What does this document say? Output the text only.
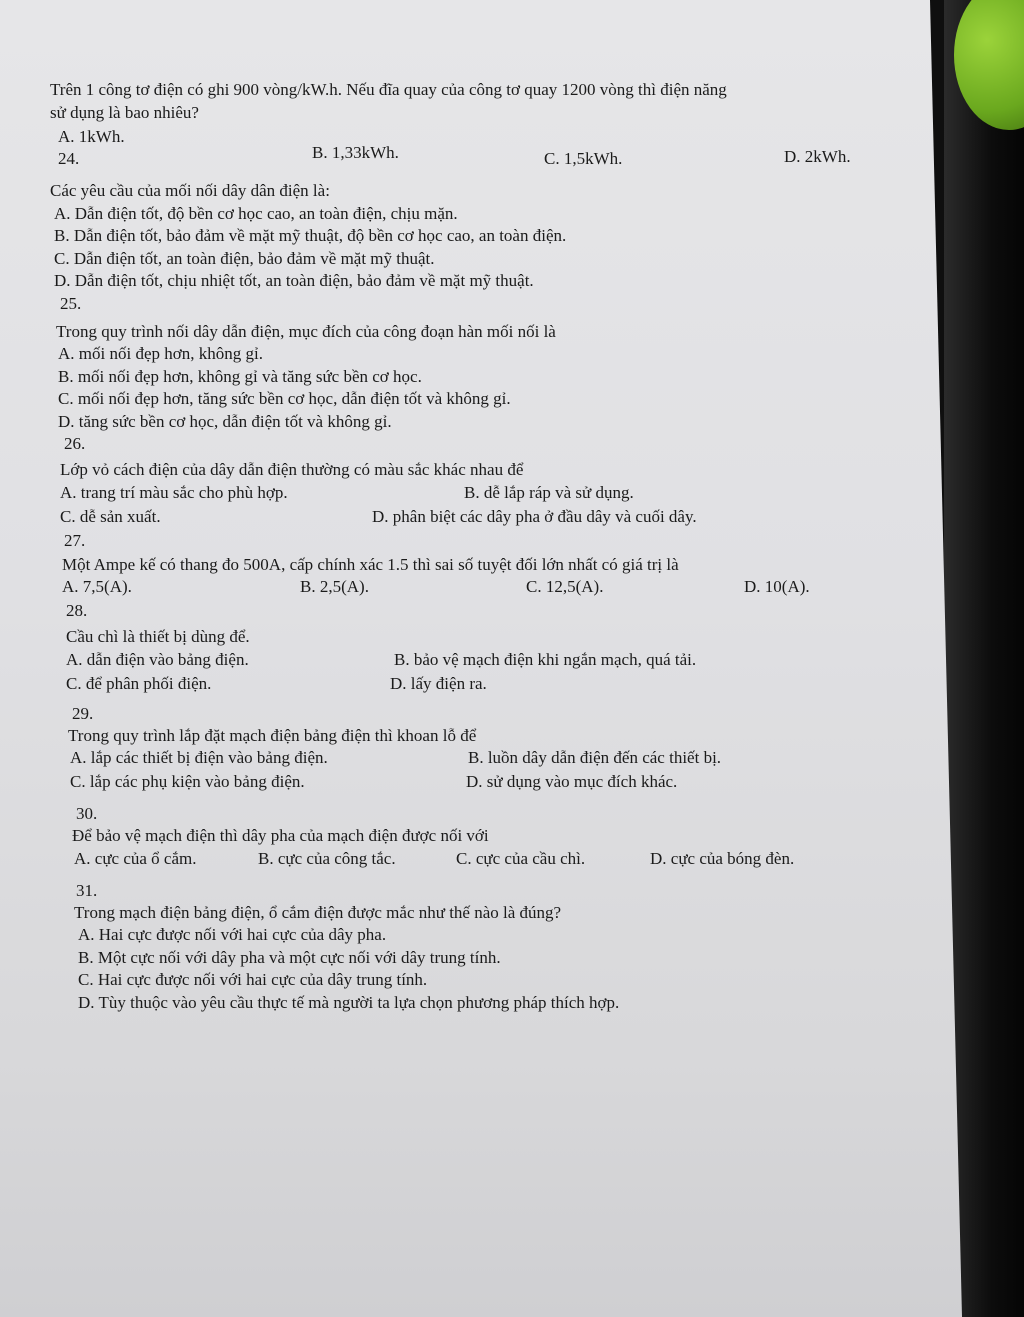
Trên 1 công tơ điện có ghi 900 vòng/kW.h. Nếu đĩa quay của công tơ quay 1200 vòng thì điện năng
sử dụng là bao nhiêu?
A. 1kWh.
B. 1,33kWh.	C. 1,5kWh.	D. 2kWh.
24.
Các yêu cầu của mối nối dây dân điện là:
A. Dẫn điện tốt, độ bền cơ học cao, an toàn điện, chịu mặn.
B. Dẫn điện tốt, bảo đảm về mặt mỹ thuật, độ bền cơ học cao, an toàn điện.
C. Dẫn điện tốt, an toàn điện, bảo đảm về mặt mỹ thuật.
D. Dẫn điện tốt, chịu nhiệt tốt, an toàn điện, bảo đảm về mặt mỹ thuật.
25.
Trong quy trình nối dây dẫn điện, mục đích của công đoạn hàn mối nối là
A. mối nối đẹp hơn, không gỉ.
B. mối nối đẹp hơn, không gỉ và tăng sức bền cơ học.
C. mối nối đẹp hơn, tăng sức bền cơ học, dẫn điện tốt và không gỉ.
D. tăng sức bền cơ học, dẫn điện tốt và không gỉ.
26.
Lớp vỏ cách điện của dây dẫn điện thường có màu sắc khác nhau để
A. trang trí màu sắc cho phù hợp.	B. dễ lắp ráp và sử dụng.
C. dễ sản xuất.	D. phân biệt các dây pha ở đầu dây và cuối dây.
27.
Một Ampe kế có thang đo 500A, cấp chính xác 1.5 thì sai số tuyệt đối lớn nhất có giá trị là
A. 7,5(A).	B. 2,5(A).	C. 12,5(A).	D. 10(A).
28.
Cầu chì là thiết bị dùng để.
A. dẫn điện vào bảng điện.	B. bảo vệ mạch điện khi ngắn mạch, quá tải.
C. để phân phối điện.	D. lấy điện ra.
29.
Trong quy trình lắp đặt mạch điện bảng điện thì khoan lỗ để
A. lắp các thiết bị điện vào bảng điện.	B. luồn dây dẫn điện đến các thiết bị.
C. lắp các phụ kiện vào bảng điện.	D. sử dụng vào mục đích khác.
30.
Để bảo vệ mạch điện thì dây pha của mạch điện được nối với
A. cực của ổ cắm.	B. cực của công tắc.	C. cực của cầu chì.	D. cực của bóng đèn.
31.
Trong mạch điện bảng điện, ổ cắm điện được mắc như thế nào là đúng?
A. Hai cực được nối với hai cực của dây pha.
B. Một cực nối với dây pha và một cực nối với dây trung tính.
C. Hai cực được nối với hai cực của dây trung tính.
D. Tùy thuộc vào yêu cầu thực tế mà người ta lựa chọn phương pháp thích hợp.
